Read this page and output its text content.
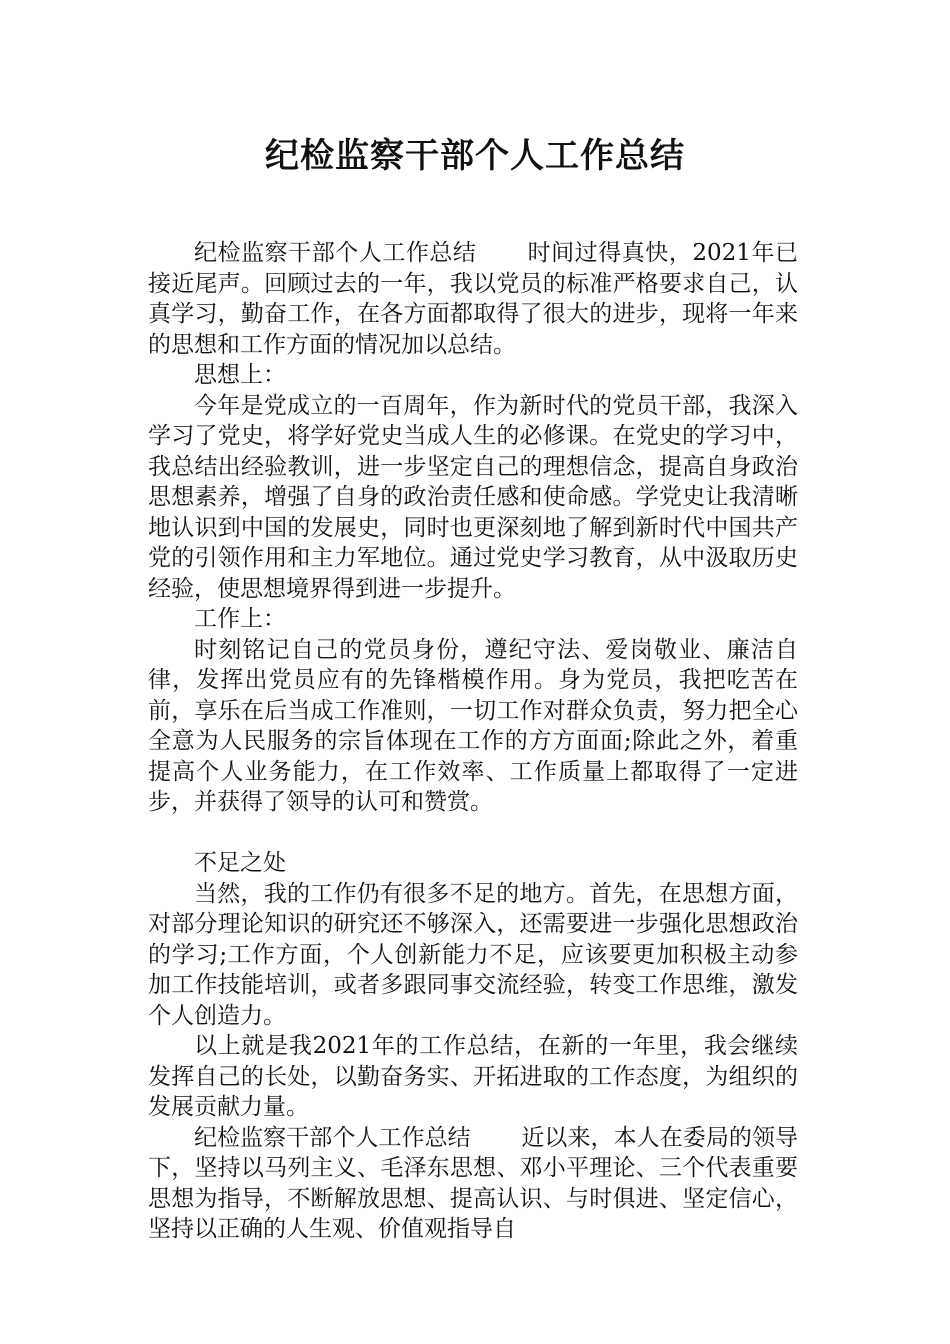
纪检监察干部个人工作总结

纪检监察干部个人工作总结 时间过得真快，2021年已接近尾声。回顾过去的一年，我以党员的标准严格要求自己，认真学习，勤奋工作，在各方面都取得了很大的进步，现将一年来的思想和工作方面的情况加以总结。

思想上：

今年是党成立的一百周年，作为新时代的党员干部，我深入学习了党史，将学好党史当成人生的必修课。在党史的学习中，我总结出经验教训，进一步坚定自己的理想信念，提高自身政治思想素养，增强了自身的政治责任感和使命感。学党史让我清晰地认识到中国的发展史，同时也更深刻地了解到新时代中国共产党的引领作用和主力军地位。通过党史学习教育，从中汲取历史经验，使思想境界得到进一步提升。

工作上：

时刻铭记自己的党员身份，遵纪守法、爱岗敬业、廉洁自律，发挥出党员应有的先锋楷模作用。身为党员，我把吃苦在前，享乐在后当成工作准则，一切工作对群众负责，努力把全心全意为人民服务的宗旨体现在工作的方方面面;除此之外，着重提高个人业务能力，在工作效率、工作质量上都取得了一定进步，并获得了领导的认可和赞赏。

不足之处

当然，我的工作仍有很多不足的地方。首先，在思想方面，对部分理论知识的研究还不够深入，还需要进一步强化思想政治的学习;工作方面，个人创新能力不足，应该要更加积极主动参加工作技能培训，或者多跟同事交流经验，转变工作思维，激发个人创造力。

以上就是我2021年的工作总结，在新的一年里，我会继续发挥自己的长处，以勤奋务实、开拓进取的工作态度，为组织的发展贡献力量。

纪检监察干部个人工作总结 近以来，本人在委局的领导下，坚持以马列主义、毛泽东思想、邓小平理论、三个代表重要思想为指导，不断解放思想、提高认识、与时俱进、坚定信心，坚持以正确的人生观、价值观指导自
